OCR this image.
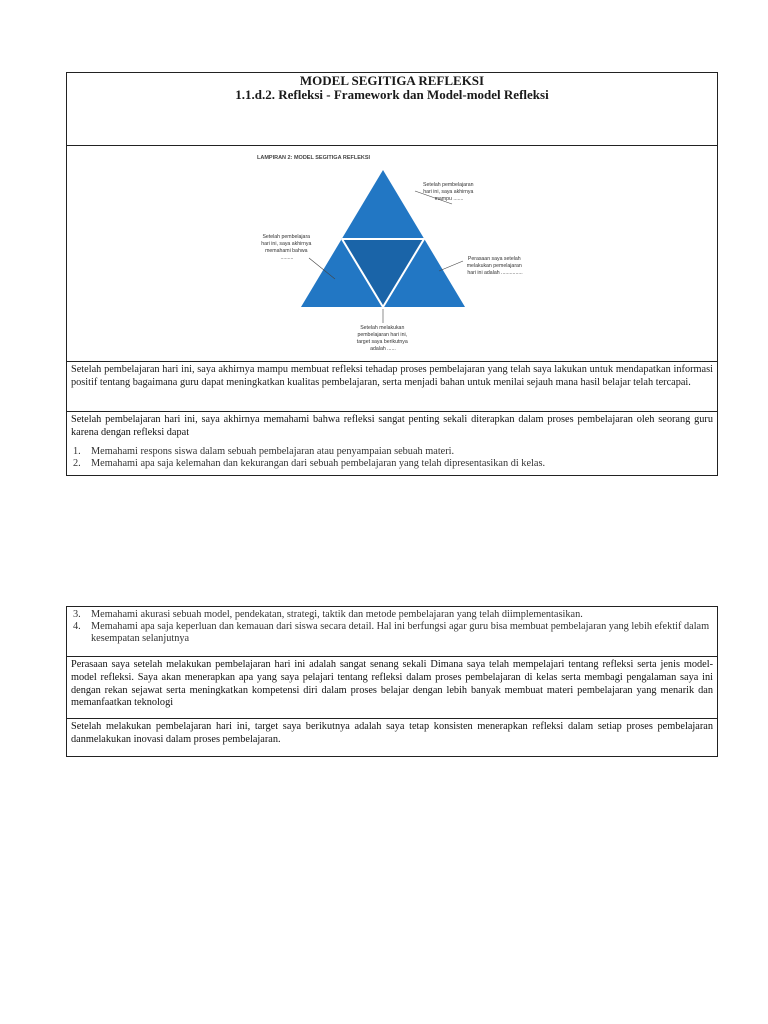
MODEL SEGITIGA REFLEKSI
1.1.d.2. Refleksi - Framework dan Model-model Refleksi
LAMPIRAN 2: MODEL SEGITIGA REFLEKSI
Setelah pembelajaran hari ini, saya akhirnya mampu .......
Setelah pembelajara hari ini, saya akhirnya memahami bahwa .........	Perasaan saya setelah melakukan pemelajaran hari ini adalah ...............
Setelah melakukan pembelajaran hari ini, target saya berikutnya adalah ......
Setelah pembelajaran hari ini, saya akhirnya mampu membuat refleksi tehadap proses pembelajaran yang telah saya lakukan untuk mendapatkan informasi positif tentang bagaimana guru dapat meningkatkan kualitas pembelajaran, serta menjadi bahan untuk menilai sejauh mana hasil belajar telah tercapai.
Setelah pembelajaran hari ini, saya akhirnya memahami bahwa refleksi sangat penting sekali diterapkan dalam proses pembelajaran oleh seorang guru karena dengan refleksi dapat
1. Memahami respons siswa dalam sebuah pembelajaran atau penyampaian sebuah materi.
2. Memahami apa saja kelemahan dan kekurangan dari sebuah pembelajaran yang telah dipresentasikan di kelas.
3. Memahami akurasi sebuah model, pendekatan, strategi, taktik dan metode pembelajaran yang telah diimplementasikan.
4. Memahami apa saja keperluan dan kemauan dari siswa secara detail. Hal ini berfungsi agar guru bisa membuat pembelajaran yang lebih efektif dalam kesempatan selanjutnya
Perasaan saya setelah melakukan pembelajaran hari ini adalah sangat senang sekali Dimana saya telah mempelajari tentang refleksi serta jenis model-model refleksi. Saya akan menerapkan apa yang saya pelajari tentang refleksi dalam proses pembelajaran di kelas serta membagi pengalaman saya ini dengan rekan sejawat serta meningkatkan kompetensi diri dalam proses belajar dengan lebih banyak membuat materi pembelajaran yang menarik dan memanfaatkan teknologi
Setelah melakukan pembelajaran hari ini, target saya berikutnya adalah saya tetap konsisten menerapkan refleksi dalam setiap proses pembelajaran danmelakukan inovasi dalam proses pembelajaran.
